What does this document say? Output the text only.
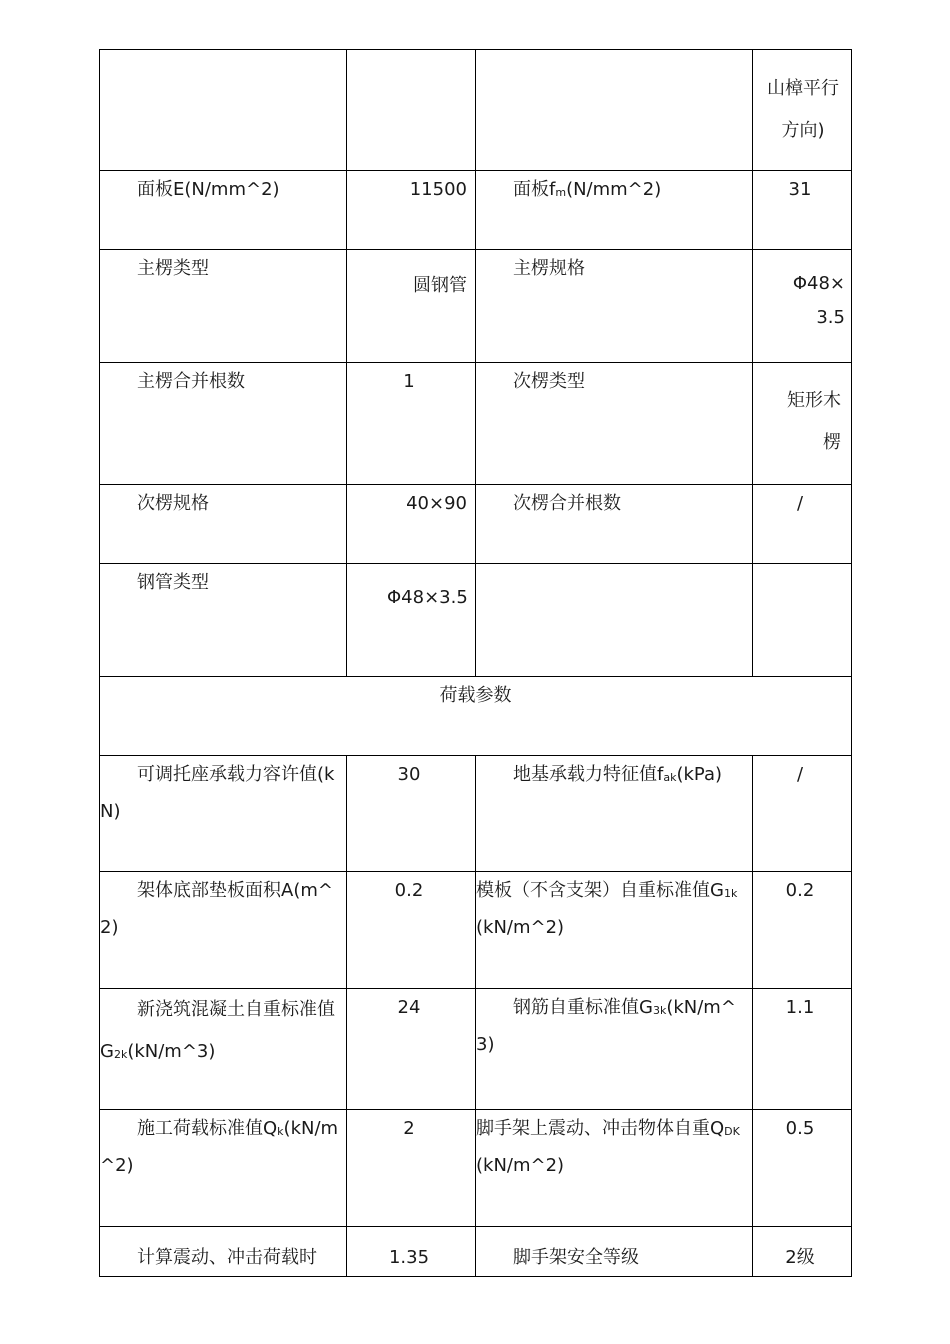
			山樟平行方向)
面板E(N/mm^2)	11500	面板$f_m(N/mm\^{}2)$	31
主楞类型	圆钢管	主楞规格	Φ48×3.5
主楞合并根数	1	次楞类型	矩形木楞
次楞规格	40×90	次楞合并根数	/
钢管类型	Φ48×3.5		
荷载参数			
可调托座承载力容许值(kN)	30	地基承载力特征值$f_{ak}(kPa)$	/
架体底部垫板面积A(m^2)	0.2	模板（不含支架）自重标准值$G_{1k}(kN/m\^{}2)$	0.2
新浇筑混凝土自重标准值$G_{2k}(kN/m\^{}3)$	24	钢筋自重标准值$G_{3k}(kN/m\^{}3)$	1.1
施工荷载标准值$Q_k(kN/m\^{}2)$	2	脚手架上震动、冲击物体自重$Q_{DK}(kN/m\^{}2)$	0.5
计算震动、冲击荷载时	1.35	脚手架安全等级	2级
